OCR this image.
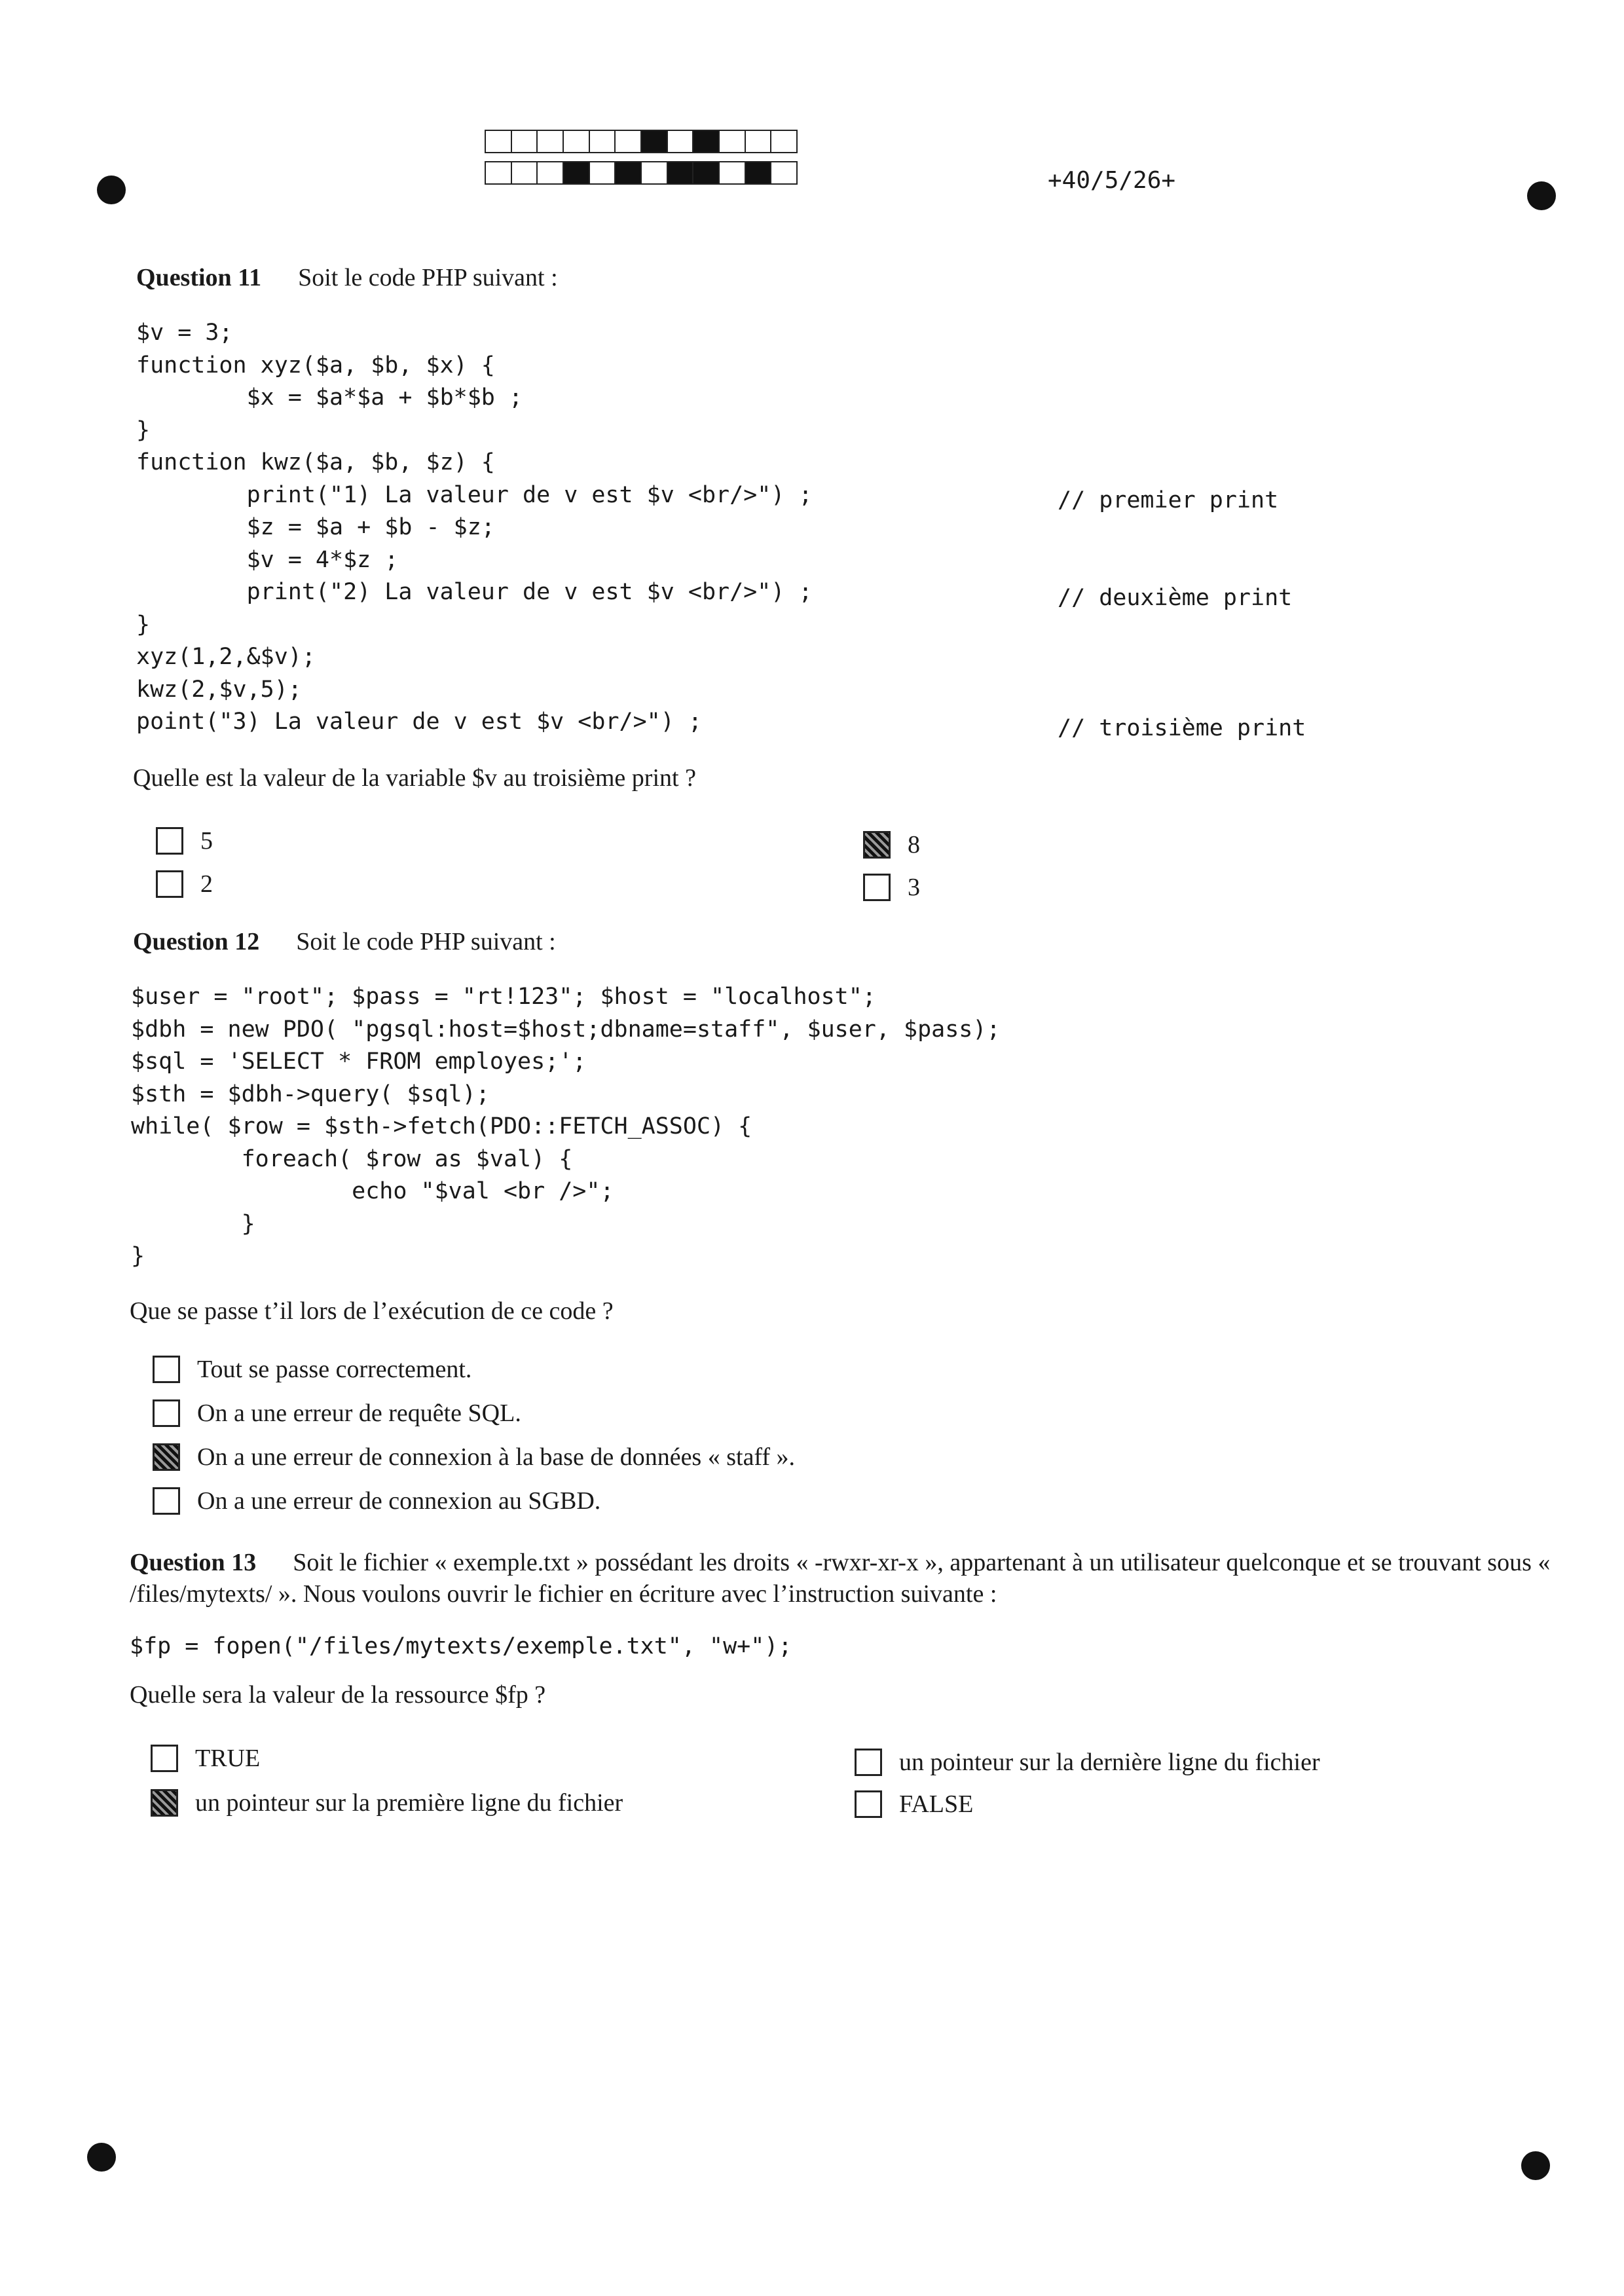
+40/5/26+
Question 11 Soit le code PHP suivant :
$v = 3;
function xyz($a, $b, $x) {
$x = $a*$a + $b*$b ;
}
function kwz($a, $b, $z) {
print("1) La valeur de v est $v <br/>") ;
$z = $a + $b - $z;
$v = 4*$z ;
print("2) La valeur de v est $v <br/>") ;
}
xyz(1,2,&$v);
kwz(2,$v,5);
point("3) La valeur de v est $v <br/>") ;
// premier print
// deuxième print
// troisième print
Quelle est la valeur de la variable $v au troisième print ?
5
2
8
3
Question 12 Soit le code PHP suivant :
$user = "root"; $pass = "rt!123"; $host = "localhost";
$dbh = new PDO( "pgsql:host=$host;dbname=staff", $user, $pass);
$sql = 'SELECT * FROM employes;';
$sth = $dbh->query( $sql);
while( $row = $sth->fetch(PDO::FETCH_ASSOC) {
foreach( $row as $val) {
echo "$val <br />";
}
}
Que se passe t’il lors de l’exécution de ce code ?
Tout se passe correctement.
On a une erreur de requête SQL.
On a une erreur de connexion à la base de données « staff ».
On a une erreur de connexion au SGBD.
Question 13 Soit le fichier « exemple.txt » possédant les droits « -rwxr-xr-x », appartenant à un utilisateur quelconque et se trouvant sous « /files/mytexts/ ». Nous voulons ouvrir le fichier en écriture avec l’instruction suivante :
$fp = fopen("/files/mytexts/exemple.txt", "w+");
Quelle sera la valeur de la ressource $fp ?
TRUE
un pointeur sur la première ligne du fichier
un pointeur sur la dernière ligne du fichier
FALSE
